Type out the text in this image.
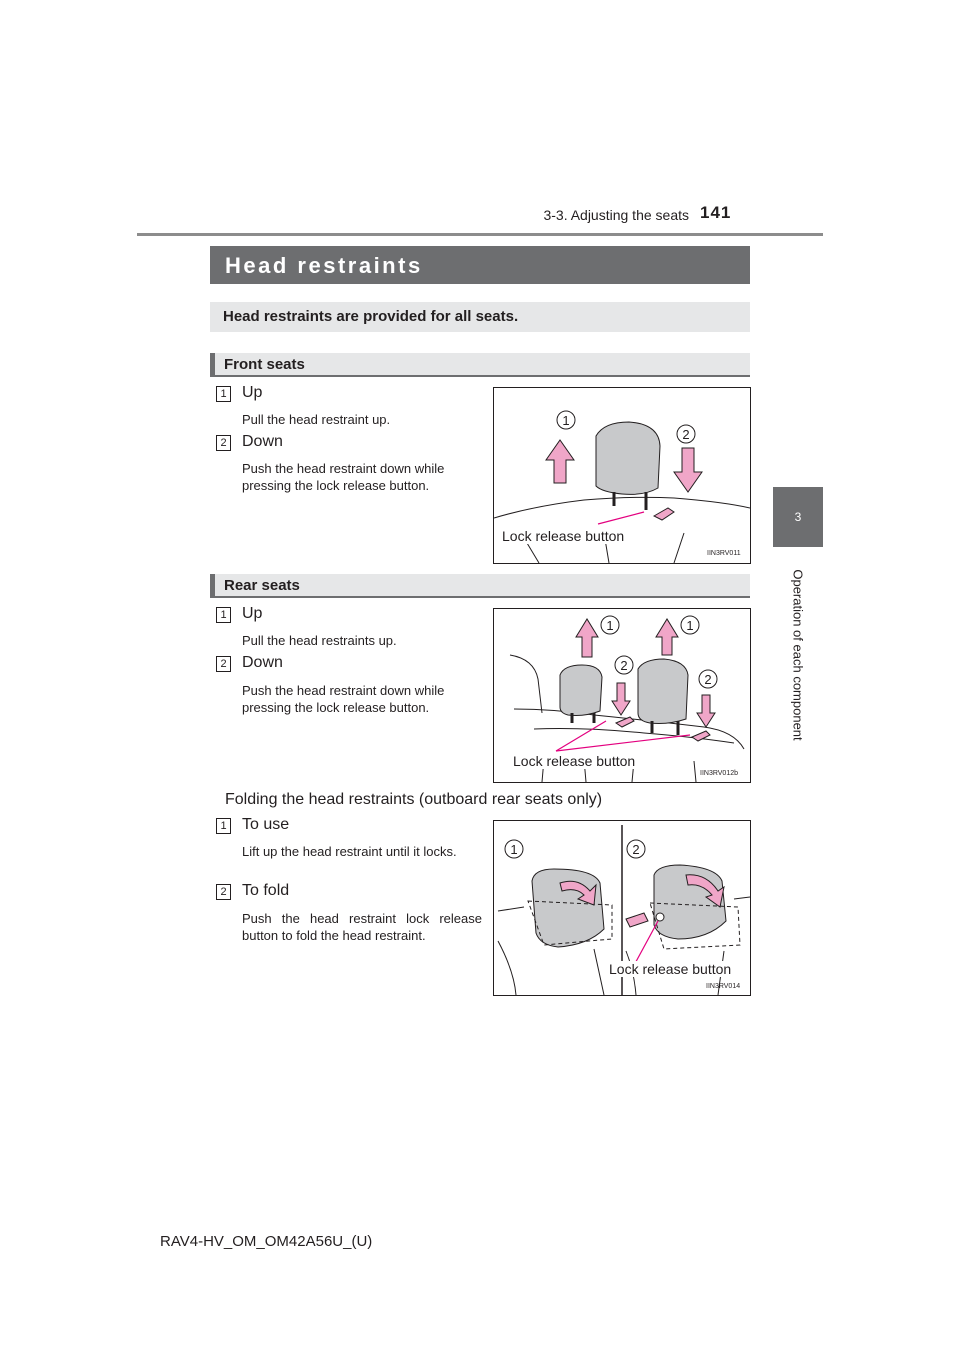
3-3. Adjusting the seats 141
3
Operation of each component
Head restraints
Head restraints are provided for all seats.
Front seats
1 Up
Pull the head restraint up.
2 Down
Push the head restraint down while pressing the lock release button.
1
2
Lock release button
IIN3RV011
Rear seats
1 Up
Pull the head restraints up.
2 Down
Push the head restraint down while pressing the lock release button.
1	1
2
2
Lock release button
IIN3RV012b
Folding the head restraints (outboard rear seats only)
1 To use
Lift up the head restraint until it locks.
2 To fold
Push the head restraint lock release button to fold the head restraint.
1	2
Lock release button
IIN3RV014
RAV4-HV_OM_OM42A56U_(U)
